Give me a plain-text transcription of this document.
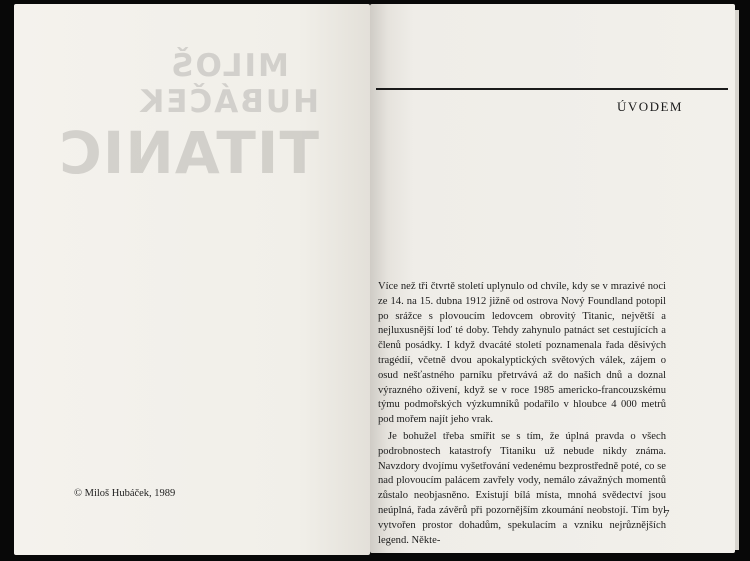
MILOŠ HUBÁČEK
TITANIC
© Miloš Hubáček, 1989
ÚVODEM

Více než tři čtvrtě století uplynulo od chvíle, kdy se v mrazivé noci ze 14. na 15. dubna 1912 jižně od ostrova Nový Foundland potopil po srážce s plovoucím ledovcem obrovitý Titanic, největší a nejluxusnější loď té doby. Tehdy zahynulo patnáct set cestujících a členů posádky. I když dvacáté století poznamenala řada děsivých tragédií, včetně dvou apokalyptických světových válek, zájem o osud nešťastného parníku přetrvává až do našich dnů a doznal výrazného oživení, když se v roce 1985 americko-francouzskému týmu podmořských výzkumníků podařilo v hloubce 4 000 metrů pod mořem najít jeho vrak.

Je bohužel třeba smířit se s tím, že úplná pravda o všech podrobnostech katastrofy Titaniku už nebude nikdy známa. Navzdory dvojímu vyšetřování vedenému bezprostředně poté, co se nad plovoucím palácem zavřely vody, nemálo závažných momentů zůstalo neobjasněno. Existují bílá místa, mnohá svědectví jsou neúplná, řada závěrů při pozornějším zkoumání neobstojí. Tím byl vytvořen prostor dohadům, spekulacím a vzniku nejrůznějších legend. Někte-

7
